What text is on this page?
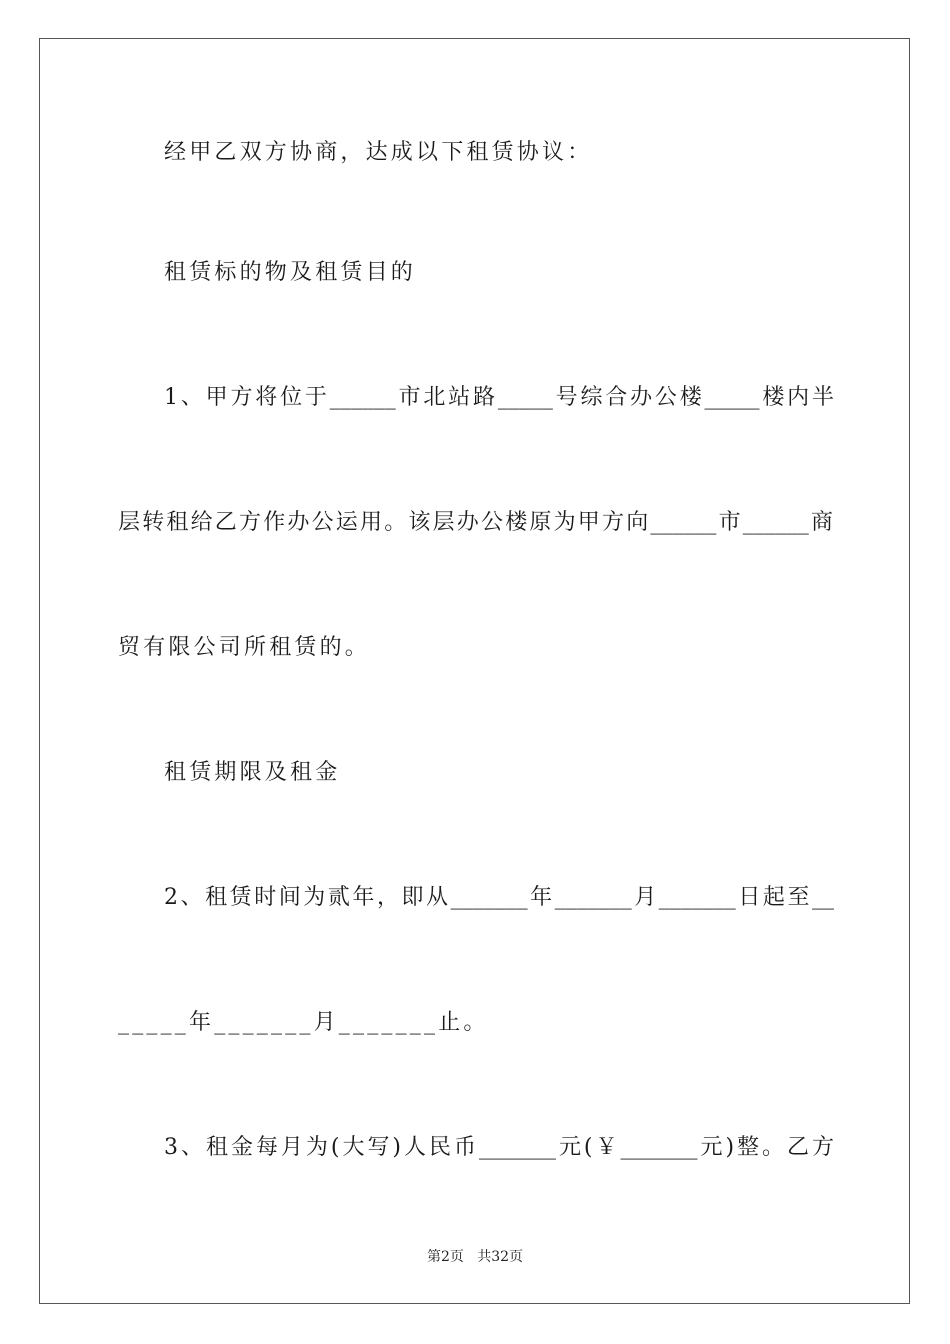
经甲乙双方协商，达成以下租赁协议：
租赁标的物及租赁目的
1、甲方将位于______市北站路_____号综合办公楼_____楼内半
层转租给乙方作办公运用。该层办公楼原为甲方向______市______商
贸有限公司所租赁的。
租赁期限及租金
2、租赁时间为贰年，即从_______年_______月_______日起至__
_____年_______月_______止。
3、租金每月为(大写)人民币_______元(￥_______元)整。乙方
第2页   共32页
